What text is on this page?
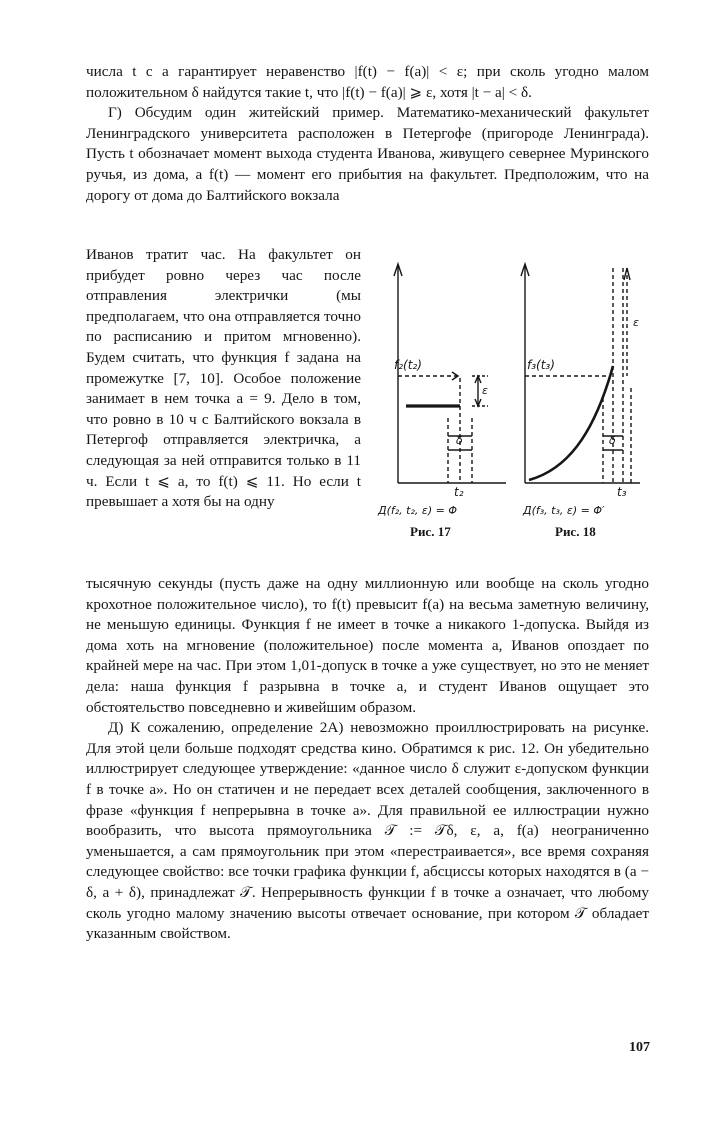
числа t с a гарантирует неравенство |f(t) − f(a)| < ε; при сколь угодно малом положительном δ найдутся такие t, что |f(t) − f(a)| ⩾ ε, хотя |t − a| < δ.

Г) Обсудим один житейский пример. Математико-механический факультет Ленинградского университета расположен в Петергофе (пригороде Ленинграда). Пусть t обозначает момент выхода студента Иванова, живущего севернее Муринского ручья, из дома, а f(t) — момент его прибытия на факультет. Предположим, что на дорогу от дома до Балтийского вокзала

Иванов тратит час. На факультет он прибудет ровно через час после отправления электрички (мы предполагаем, что она отправляется точно по расписанию и притом мгновенно). Будем считать, что функция f задана на промежутке [7, 10]. Особое положение занимает в нем точка a = 9. Дело в том, что ровно в 10 ч с Балтийского вокзала в Петергоф отправляется электричка, а следующая за ней отправится только в 11 ч. Если t ⩽ a, то f(t) ⩽ 11. Но если t превышает a хотя бы на одну

f₂(t₂)
ε
δ
t₂
Д(f₂, t₂, ε) = Φ
Рис. 17
f₃(t₃)
ε
δ
t₃
Д(f₃, t₃, ε) = Φ′
Рис. 18

тысячную секунды (пусть даже на одну миллионную или вообще на сколь угодно крохотное положительное число), то f(t) превысит f(a) на весьма заметную величину, не меньшую единицы. Функция f не имеет в точке a никакого 1-допуска. Выйдя из дома хоть на мгновение (положительное) после момента a, Иванов опоздает по крайней мере на час. При этом 1,01-допуск в точке a уже существует, но это не меняет дела: наша функция f разрывна в точке a, и студент Иванов ощущает это обстоятельство повседневно и живейшим образом.

Д) К сожалению, определение 2А) невозможно проиллюстрировать на рисунке. Для этой цели больше подходят средства кино. Обратимся к рис. 12. Он убедительно иллюстрирует следующее утверждение: «данное число δ служит ε-допуском функции f в точке a». Но он статичен и не передает всех деталей сообщения, заключенного в фразе «функция f непрерывна в точке a». Для правильной ее иллюстрации нужно вообразить, что высота прямоугольника 𝒯 := 𝒯δ, ε, a, f(a) неограниченно уменьшается, а сам прямоугольник при этом «перестраивается», все время сохраняя следующее свойство: все точки графика функции f, абсциссы которых находятся в (a − δ, a + δ), принадлежат 𝒯. Непрерывность функции f в точке a означает, что любому сколь угодно малому значению высоты отвечает основание, при котором 𝒯 обладает указанным свойством.

107
